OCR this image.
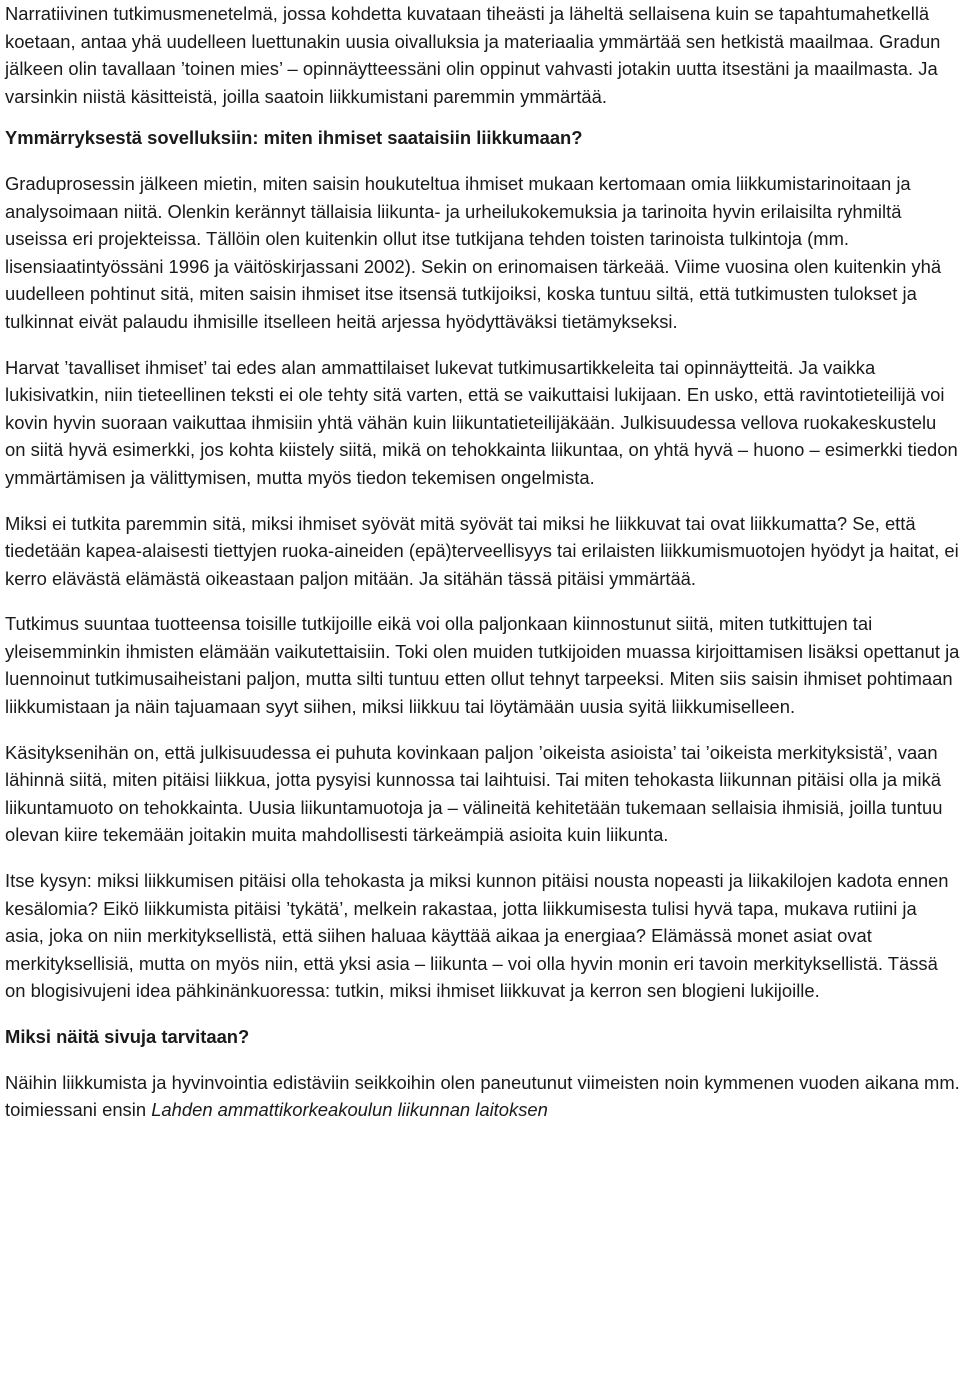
Narratiivinen tutkimusmenetelmä, jossa kohdetta kuvataan tiheästi ja läheltä sellaisena kuin se tapahtumahetkellä koetaan, antaa yhä uudelleen luettunakin uusia oivalluksia ja materiaalia ymmärtää sen hetkistä maailmaa. Gradun jälkeen olin tavallaan ’toinen mies’ – opinnäytteessäni olin oppinut vahvasti jotakin uutta itsestäni ja maailmasta. Ja varsinkin niistä käsitteistä, joilla saatoin liikkumistani paremmin ymmärtää.

Ymmärryksestä sovelluksiin: miten ihmiset saataisiin liikkumaan?

Graduprosessin jälkeen mietin, miten saisin houkuteltua ihmiset mukaan kertomaan omia liikkumistarinoitaan ja analysoimaan niitä. Olenkin kerännyt tällaisia liikunta- ja urheilukokemuksia ja tarinoita hyvin erilaisilta ryhmiltä useissa eri projekteissa. Tällöin olen kuitenkin ollut itse tutkijana tehden toisten tarinoista tulkintoja (mm. lisensiaatintyössäni 1996 ja väitöskirjassani 2002). Sekin on erinomaisen tärkeää. Viime vuosina olen kuitenkin yhä uudelleen pohtinut sitä, miten saisin ihmiset itse itsensä tutkijoiksi, koska tuntuu siltä, että tutkimusten tulokset ja tulkinnat eivät palaudu ihmisille itselleen heitä arjessa hyödyttäväksi tietämykseksi.

Harvat ’tavalliset ihmiset’ tai edes alan ammattilaiset lukevat tutkimusartikkeleita tai opinnäytteitä. Ja vaikka lukisivatkin, niin tieteellinen teksti ei ole tehty sitä varten, että se vaikuttaisi lukijaan. En usko, että ravintotieteilijä voi kovin hyvin suoraan vaikuttaa ihmisiin yhtä vähän kuin liikuntatieteilijäkään. Julkisuudessa vellova ruokakeskustelu on siitä hyvä esimerkki, jos kohta kiistely siitä, mikä on tehokkainta liikuntaa, on yhtä hyvä – huono – esimerkki tiedon ymmärtämisen ja välittymisen, mutta myös tiedon tekemisen ongelmista.

Miksi ei tutkita paremmin sitä, miksi ihmiset syövät mitä syövät tai miksi he liikkuvat tai ovat liikkumatta? Se, että tiedetään kapea-alaisesti tiettyjen ruoka-aineiden (epä)terveellisyys tai erilaisten liikkumismuotojen hyödyt ja haitat, ei kerro elävästä elämästä oikeastaan paljon mitään. Ja sitähän tässä pitäisi ymmärtää.

Tutkimus suuntaa tuotteensa toisille tutkijoille eikä voi olla paljonkaan kiinnostunut siitä, miten tutkittujen tai yleisemminkin ihmisten elämään vaikutettaisiin. Toki olen muiden tutkijoiden muassa kirjoittamisen lisäksi opettanut ja luennoinut tutkimusaiheistani paljon, mutta silti tuntuu etten ollut tehnyt tarpeeksi. Miten siis saisin ihmiset pohtimaan liikkumistaan ja näin tajuamaan syyt siihen, miksi liikkuu tai löytämään uusia syitä liikkumiselleen.

Käsityksenihän on, että julkisuudessa ei puhuta kovinkaan paljon ’oikeista asioista’ tai ’oikeista merkityksistä’, vaan lähinnä siitä, miten pitäisi liikkua, jotta pysyisi kunnossa tai laihtuisi. Tai miten tehokasta liikunnan pitäisi olla ja mikä liikuntamuoto on tehokkainta. Uusia liikuntamuotoja ja – välineitä kehitetään tukemaan sellaisia ihmisiä, joilla tuntuu olevan kiire tekemään joitakin muita mahdollisesti tärkeämpiä asioita kuin liikunta.

Itse kysyn: miksi liikkumisen pitäisi olla tehokasta ja miksi kunnon pitäisi nousta nopeasti ja liikakilojen kadota ennen kesälomia? Eikö liikkumista pitäisi ’tykätä’, melkein rakastaa, jotta liikkumisesta tulisi hyvä tapa, mukava rutiini ja asia, joka on niin merkityksellistä, että siihen haluaa käyttää aikaa ja energiaa? Elämässä monet asiat ovat merkityksellisiä, mutta on myös niin, että yksi asia – liikunta – voi olla hyvin monin eri tavoin merkityksellistä. Tässä on blogisivujeni idea pähkinänkuoressa: tutkin, miksi ihmiset liikkuvat ja kerron sen blogieni lukijoille.

Miksi näitä sivuja tarvitaan?

Näihin liikkumista ja hyvinvointia edistäviin seikkoihin olen paneutunut viimeisten noin kymmenen vuoden aikana mm. toimiessani ensin Lahden ammattikorkeakoulun liikunnan laitoksen
